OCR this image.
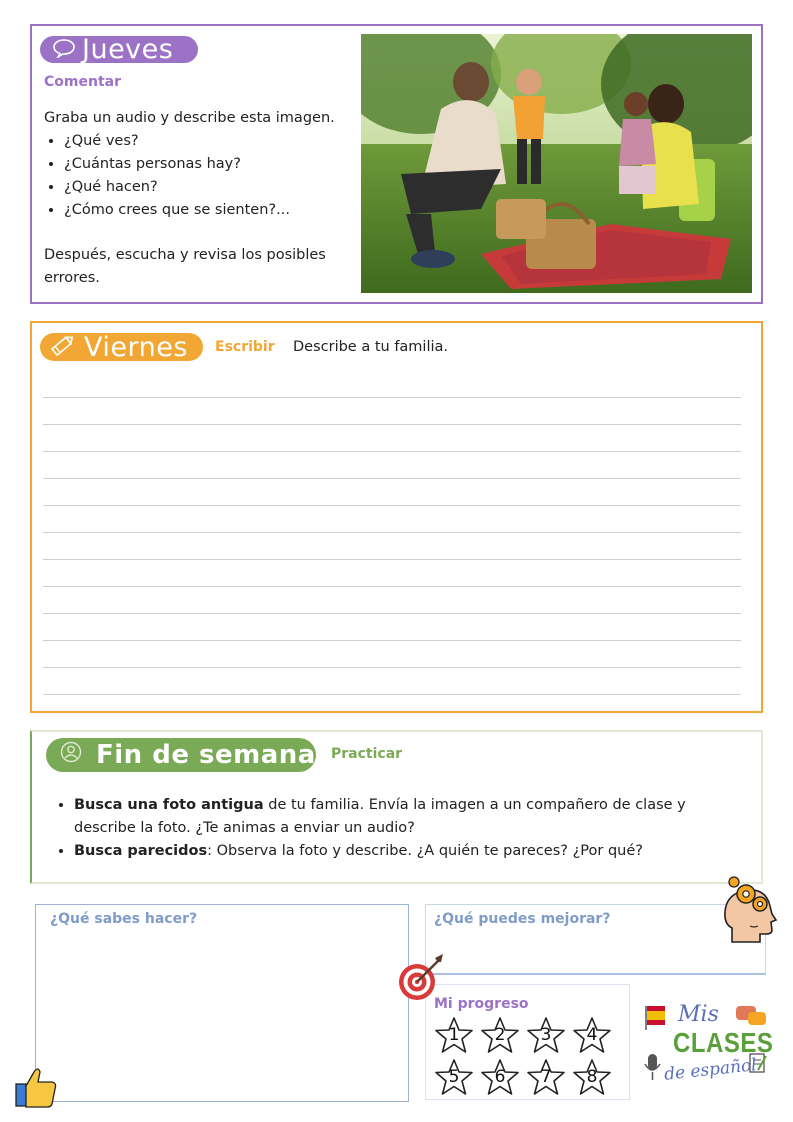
Jueves
Comentar
Graba un audio y describe esta imagen.
• ¿Qué ves?
• ¿Cuántas personas hay?
• ¿Qué hacen?
• ¿Cómo crees que se sienten?...
Después, escucha y revisa los posibles errores.
Viernes Escribir Describe a tu familia.
Fin de semana Practicar
• Busca una foto antigua de tu familia. Envía la imagen a un compañero de clase y describe la foto. ¿Te animas a enviar un audio?
• Busca parecidos: Observa la foto y describe. ¿A quién te pareces? ¿Por qué?
¿Qué sabes hacer?	¿Qué puedes mejorar?
Mi progreso
1	2	3	4
5	6	7	8
Mis
CLASES
de español
